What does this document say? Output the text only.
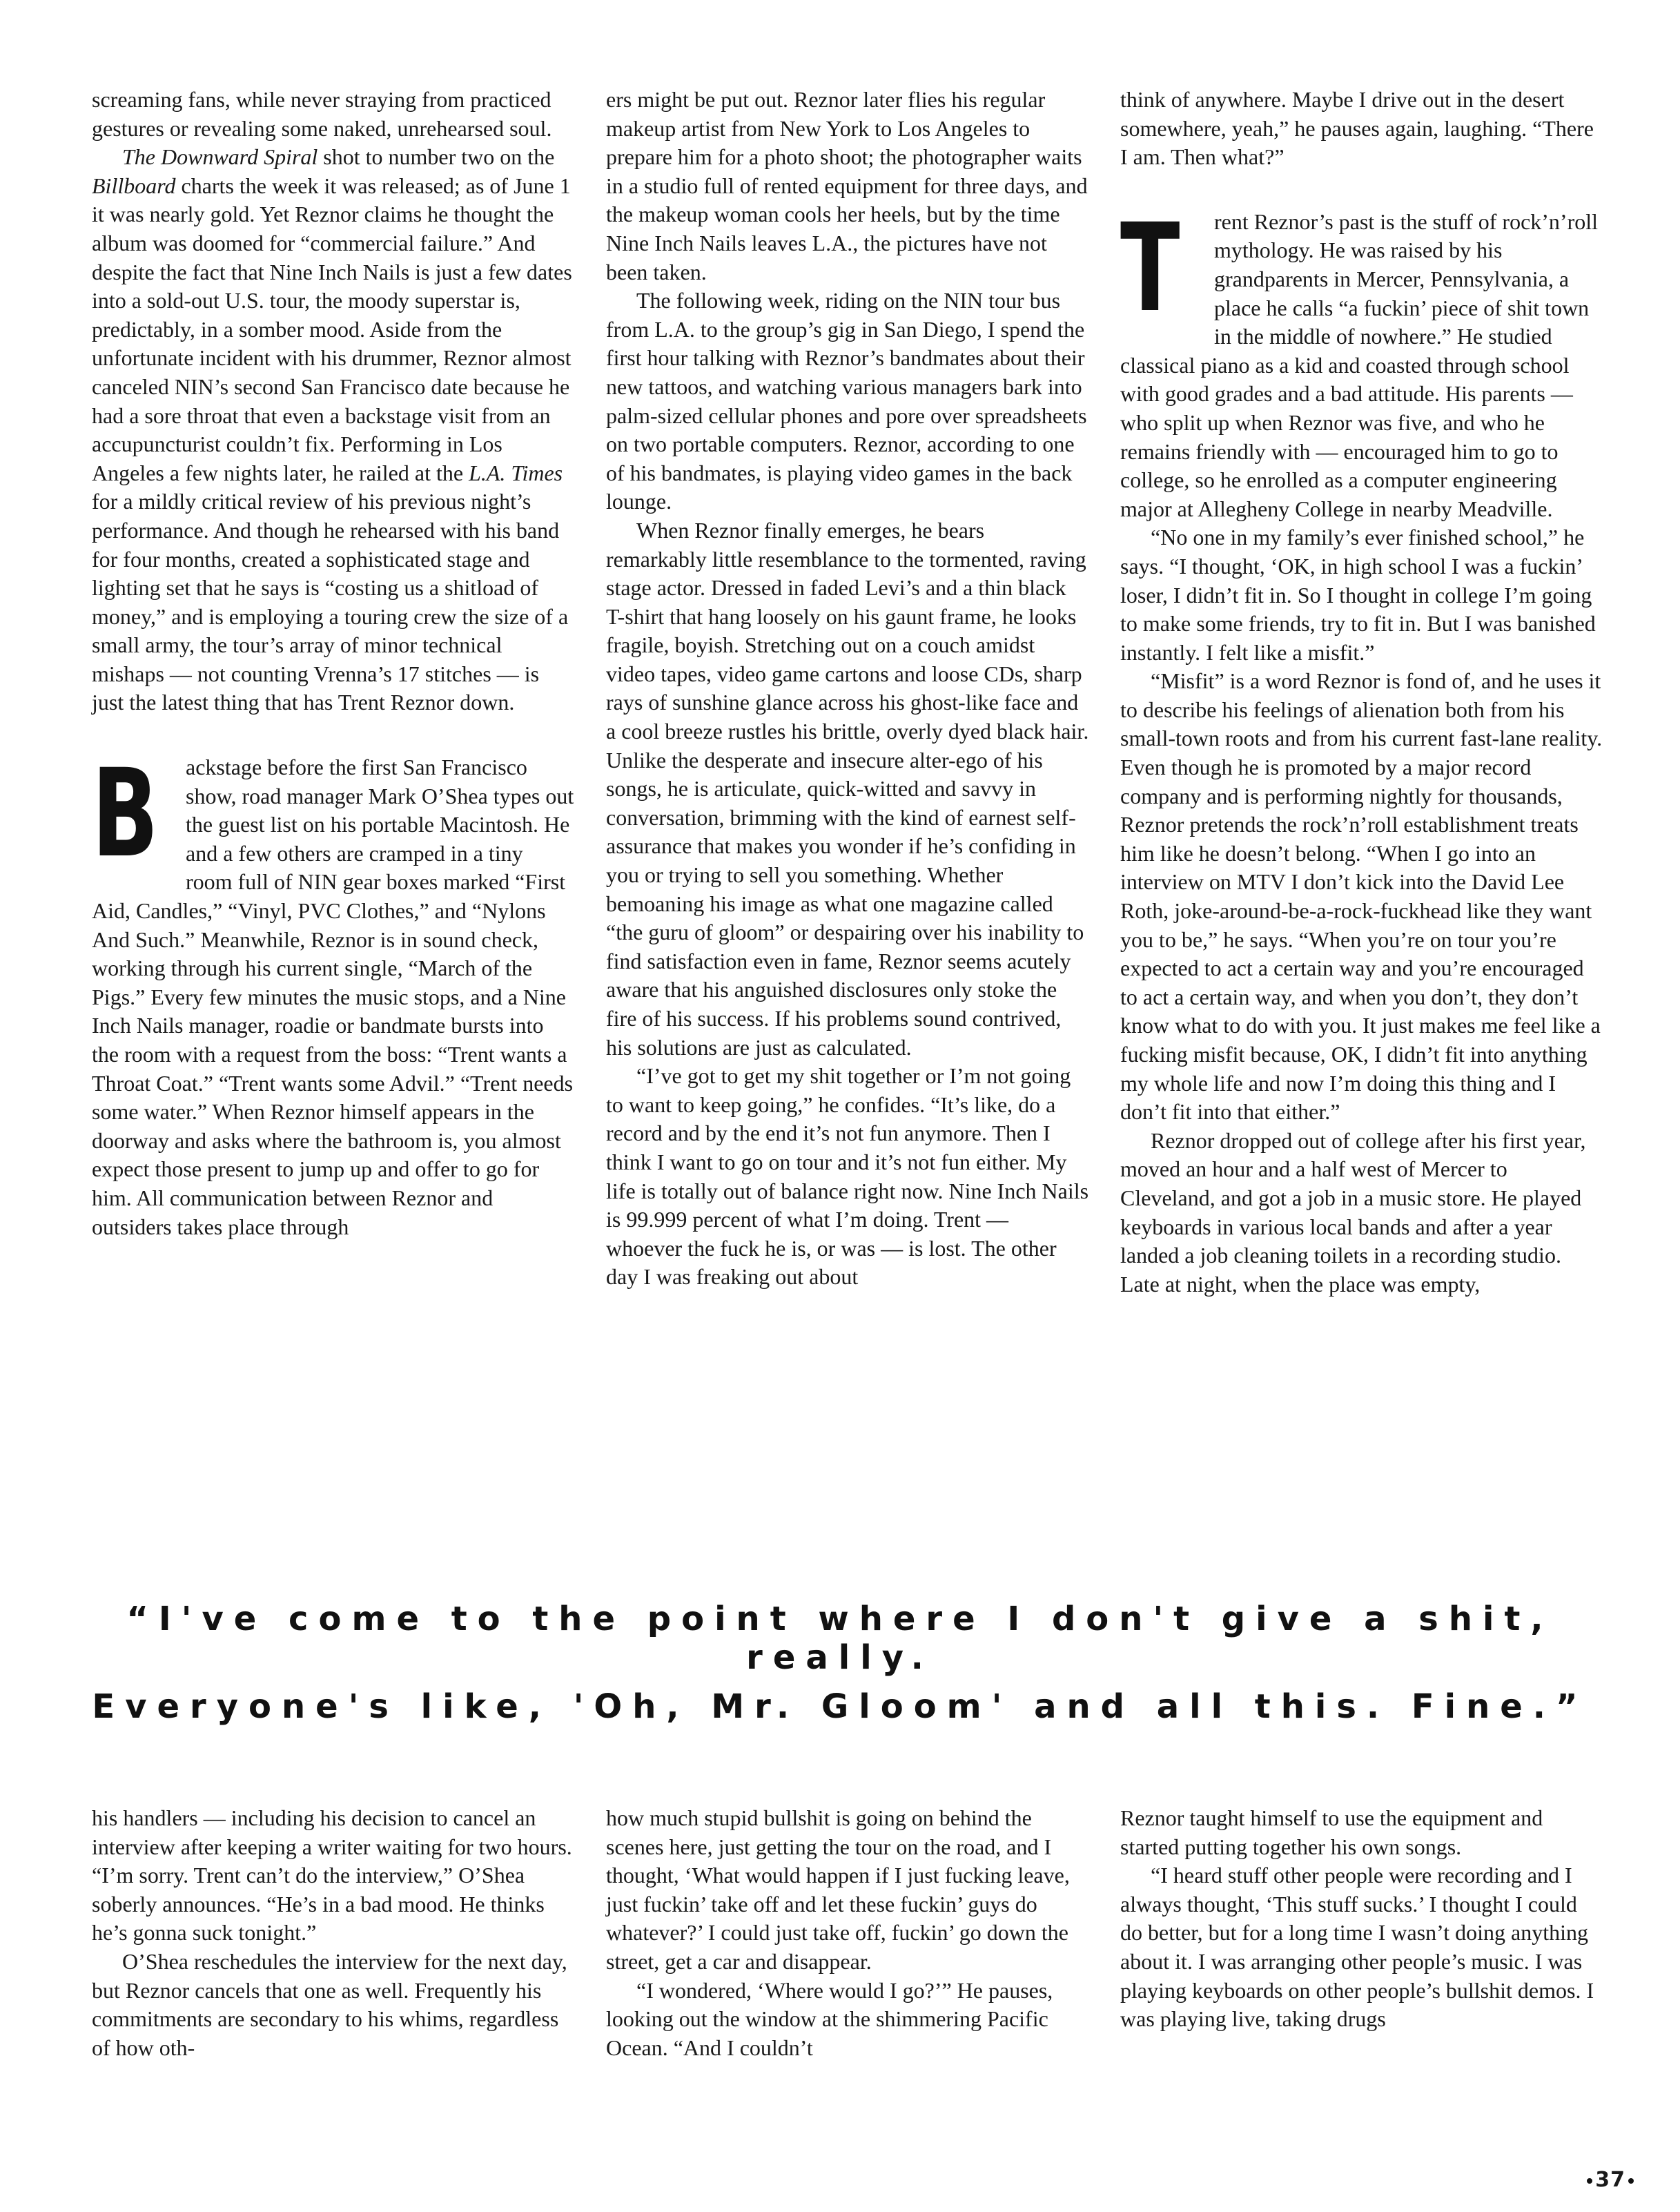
screaming fans, while never straying from practiced gestures or revealing some naked, unrehearsed soul.

The Downward Spiral shot to number two on the Billboard charts the week it was released; as of June 1 it was nearly gold. Yet Reznor claims he thought the album was doomed for “commercial failure.” And despite the fact that Nine Inch Nails is just a few dates into a sold-out U.S. tour, the moody superstar is, predictably, in a somber mood. Aside from the unfortunate incident with his drummer, Reznor almost canceled NIN’s second San Francisco date because he had a sore throat that even a backstage visit from an accupuncturist couldn’t fix. Performing in Los Angeles a few nights later, he railed at the L.A. Times for a mildly critical review of his previous night’s performance. And though he rehearsed with his band for four months, created a sophisticated stage and lighting set that he says is “costing us a shitload of money,” and is employing a touring crew the size of a small army, the tour’s array of minor technical mishaps — not counting Vrenna’s 17 stitches — is just the latest thing that has Trent Reznor down.

B ackstage before the first San Francisco show, road manager Mark O’Shea types out the guest list on his portable Macintosh. He and a few others are cramped in a tiny room full of NIN gear boxes marked “First Aid, Candles,” “Vinyl, PVC Clothes,” and “Nylons And Such.” Meanwhile, Reznor is in sound check, working through his current single, “March of the Pigs.” Every few minutes the music stops, and a Nine Inch Nails manager, roadie or bandmate bursts into the room with a request from the boss: “Trent wants a Throat Coat.” “Trent wants some Advil.” “Trent needs some water.” When Reznor himself appears in the doorway and asks where the bathroom is, you almost expect those present to jump up and offer to go for him. All communication between Reznor and outsiders takes place through

ers might be put out. Reznor later flies his regular makeup artist from New York to Los Angeles to prepare him for a photo shoot; the photographer waits in a studio full of rented equipment for three days, and the makeup woman cools her heels, but by the time Nine Inch Nails leaves L.A., the pictures have not been taken.

The following week, riding on the NIN tour bus from L.A. to the group’s gig in San Diego, I spend the first hour talking with Reznor’s bandmates about their new tattoos, and watching various managers bark into palm-sized cellular phones and pore over spreadsheets on two portable computers. Reznor, according to one of his bandmates, is playing video games in the back lounge.

When Reznor finally emerges, he bears remarkably little resemblance to the tormented, raving stage actor. Dressed in faded Levi’s and a thin black T-shirt that hang loosely on his gaunt frame, he looks fragile, boyish. Stretching out on a couch amidst video tapes, video game cartons and loose CDs, sharp rays of sunshine glance across his ghost-like face and a cool breeze rustles his brittle, overly dyed black hair. Unlike the desperate and insecure alter-ego of his songs, he is articulate, quick-witted and savvy in conversation, brimming with the kind of earnest self-assurance that makes you wonder if he’s confiding in you or trying to sell you something. Whether bemoaning his image as what one magazine called “the guru of gloom” or despairing over his inability to find satisfaction even in fame, Reznor seems acutely aware that his anguished disclosures only stoke the fire of his success. If his problems sound contrived, his solutions are just as calculated.

“I’ve got to get my shit together or I’m not going to want to keep going,” he confides. “It’s like, do a record and by the end it’s not fun anymore. Then I think I want to go on tour and it’s not fun either. My life is totally out of balance right now. Nine Inch Nails is 99.999 percent of what I’m doing. Trent — whoever the fuck he is, or was — is lost. The other day I was freaking out about

think of anywhere. Maybe I drive out in the desert somewhere, yeah,” he pauses again, laughing. “There I am. Then what?”

T	rent Reznor’s past is the stuff of rock’n’roll mythology. He was raised by his grandparents in Mercer, Pennsylvania, a place he calls “a fuckin’ piece of shit town in the middle of nowhere.” He studied classical piano as a kid and coasted through school with good grades and a bad attitude. His parents — who split up when Reznor was five, and who he remains friendly with — encouraged him to go to college, so he enrolled as a computer engineering major at Allegheny College in nearby Meadville.

“No one in my family’s ever finished school,” he says. “I thought, ‘OK, in high school I was a fuckin’ loser, I didn’t fit in. So I thought in college I’m going to make some friends, try to fit in. But I was banished instantly. I felt like a misfit.”

“Misfit” is a word Reznor is fond of, and he uses it to describe his feelings of alienation both from his small-town roots and from his current fast-lane reality. Even though he is promoted by a major record company and is performing nightly for thousands, Reznor pretends the rock’n’roll establishment treats him like he doesn’t belong. “When I go into an interview on MTV I don’t kick into the David Lee Roth, joke-around-be-a-rock-fuckhead like they want you to be,” he says. “When you’re on tour you’re expected to act a certain way and you’re encouraged to act a certain way, and when you don’t, they don’t know what to do with you. It just makes me feel like a fucking misfit because, OK, I didn’t fit into anything my whole life and now I’m doing this thing and I don’t fit into that either.”

Reznor dropped out of college after his first year, moved an hour and a half west of Mercer to Cleveland, and got a job in a music store. He played keyboards in various local bands and after a year landed a job cleaning toilets in a recording studio. Late at night, when the place was empty,

“I've come to the point where I don't give a shit, really.
Everyone's like, 'Oh, Mr. Gloom' and all this. Fine.”

his handlers — including his decision to cancel an interview after keeping a writer waiting for two hours. “I’m sorry. Trent can’t do the interview,” O’Shea soberly announces. “He’s in a bad mood. He thinks he’s gonna suck tonight.”

O’Shea reschedules the interview for the next day, but Reznor cancels that one as well. Frequently his commitments are secondary to his whims, regardless of how oth-

how much stupid bullshit is going on behind the scenes here, just getting the tour on the road, and I thought, ‘What would happen if I just fucking leave, just fuckin’ take off and let these fuckin’ guys do whatever?’ I could just take off, fuckin’ go down the street, get a car and disappear.

“I wondered, ‘Where would I go?’” He pauses, looking out the window at the shimmering Pacific Ocean. “And I couldn’t

Reznor taught himself to use the equipment and started putting together his own songs.

“I heard stuff other people were recording and I always thought, ‘This stuff sucks.’ I thought I could do better, but for a long time I wasn’t doing anything about it. I was arranging other people’s music. I was playing keyboards on other people’s bullshit demos. I was playing live, taking drugs

37
